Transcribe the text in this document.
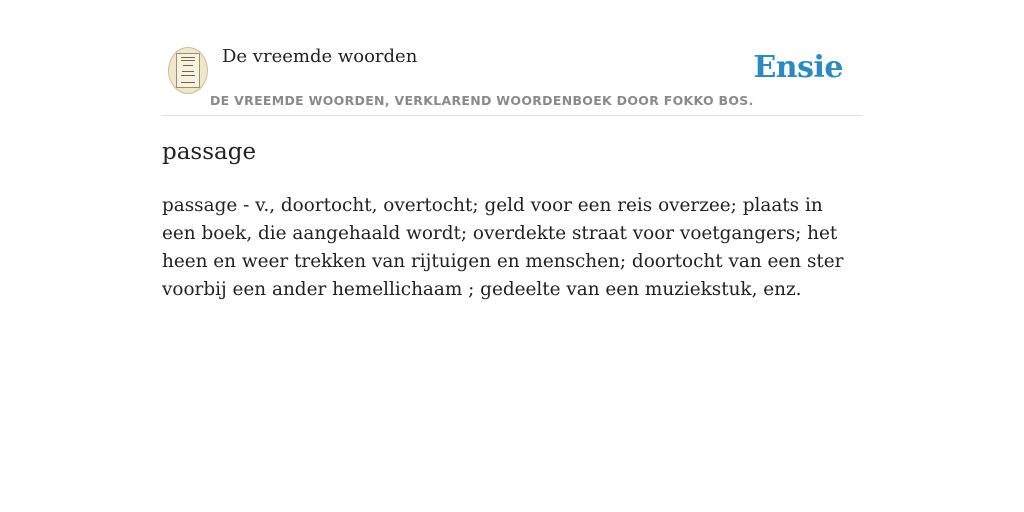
De vreemde woorden
DE VREEMDE WOORDEN, VERKLAREND WOORDENBOEK DOOR FOKKO BOS.
Ensie
passage

passage - v., doortocht, overtocht; geld voor een reis overzee; plaats in een boek, die aangehaald wordt; overdekte straat voor voetgangers; het heen en weer trekken van rijtuigen en menschen; doortocht van een ster voorbij een ander hemellichaam ; gedeelte van een muziekstuk, enz.
